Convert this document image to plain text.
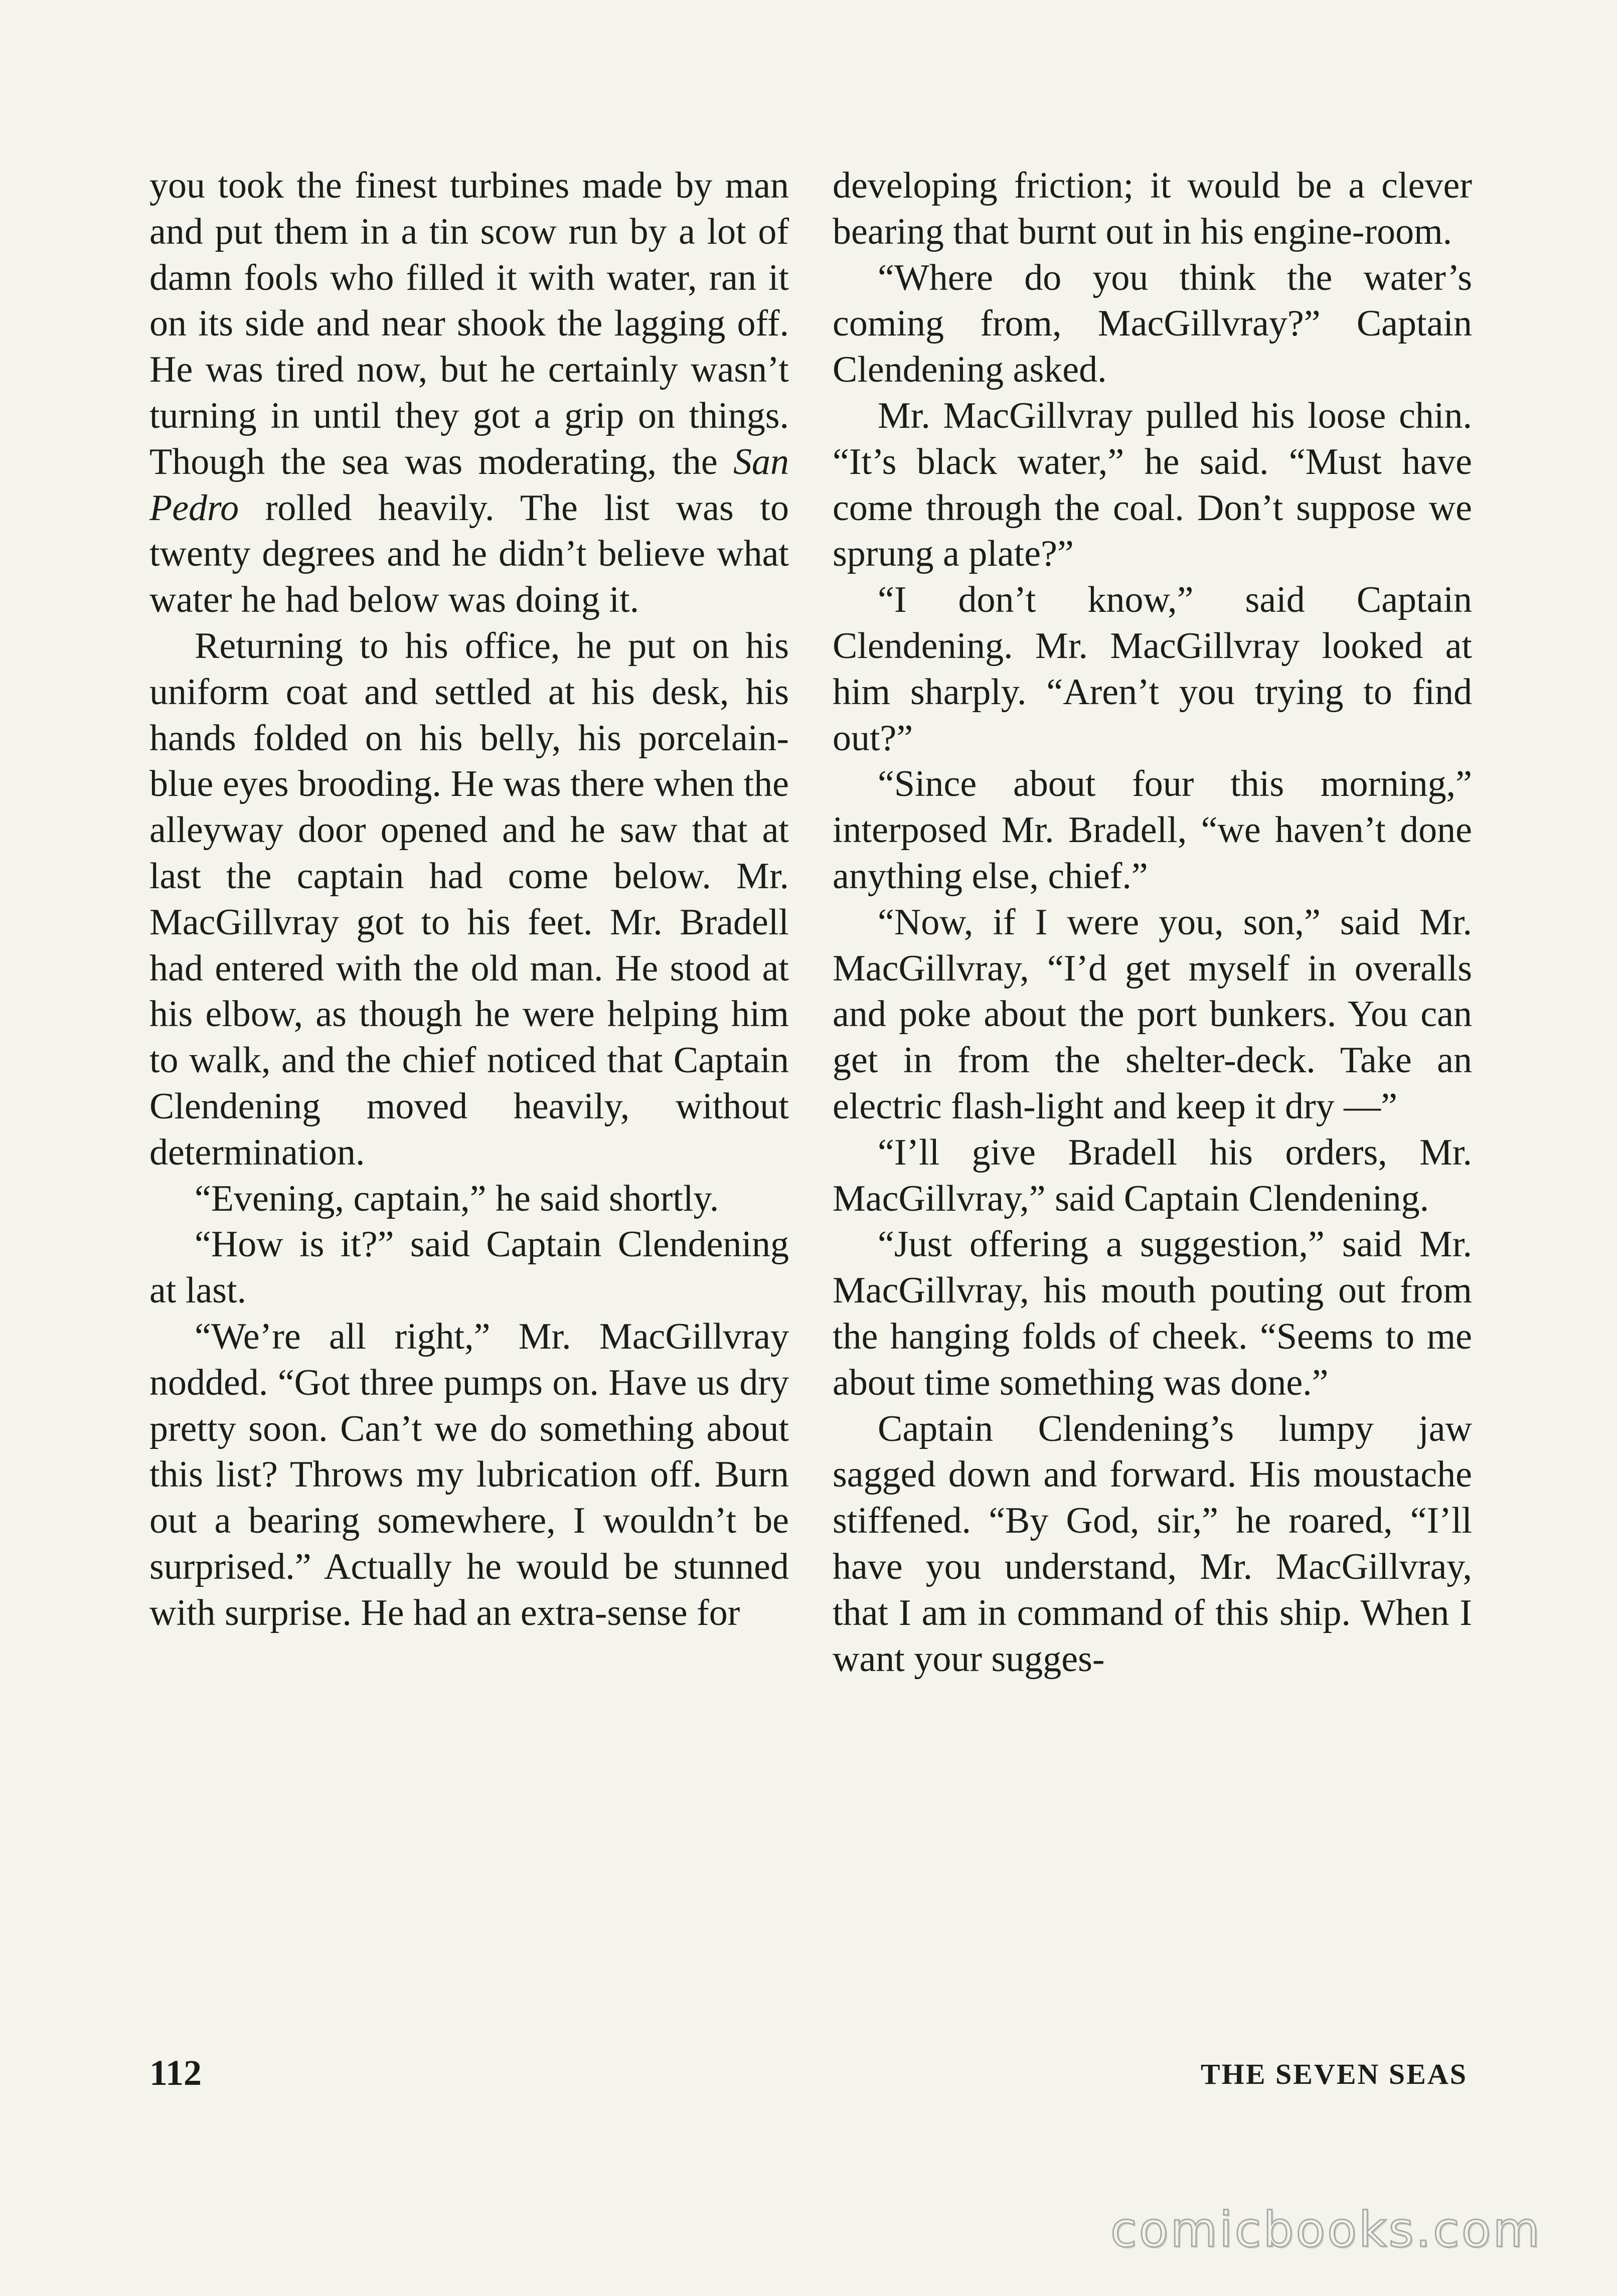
you took the finest turbines made by man and put them in a tin scow run by a lot of damn fools who filled it with water, ran it on its side and near shook the lagging off. He was tired now, but he certainly wasn’t turning in until they got a grip on things. Though the sea was moderating, the San Pedro rolled heavily. The list was to twenty degrees and he didn’t believe what water he had below was doing it.

Returning to his office, he put on his uniform coat and settled at his desk, his hands folded on his belly, his porcelain-blue eyes brooding. He was there when the alleyway door opened and he saw that at last the captain had come below. Mr. MacGillvray got to his feet. Mr. Bradell had entered with the old man. He stood at his elbow, as though he were helping him to walk, and the chief noticed that Captain Clendening moved heavily, without determination.

“Evening, captain,” he said shortly.

“How is it?” said Captain Clendening at last.

“We’re all right,” Mr. MacGillvray nodded. “Got three pumps on. Have us dry pretty soon. Can’t we do something about this list? Throws my lubrication off. Burn out a bearing somewhere, I wouldn’t be surprised.” Actually he would be stunned with surprise. He had an extra-sense for

developing friction; it would be a clever bearing that burnt out in his engine-room.

“Where do you think the water’s coming from, MacGillvray?” Captain Clendening asked.

Mr. MacGillvray pulled his loose chin. “It’s black water,” he said. “Must have come through the coal. Don’t suppose we sprung a plate?”

“I don’t know,” said Captain Clendening. Mr. MacGillvray looked at him sharply. “Aren’t you trying to find out?”

“Since about four this morning,” interposed Mr. Bradell, “we haven’t done anything else, chief.”

“Now, if I were you, son,” said Mr. MacGillvray, “I’d get myself in overalls and poke about the port bunkers. You can get in from the shelter-deck. Take an electric flash-light and keep it dry —”

“I’ll give Bradell his orders, Mr. MacGillvray,” said Captain Clendening.

“Just offering a suggestion,” said Mr. MacGillvray, his mouth pouting out from the hanging folds of cheek. “Seems to me about time something was done.”

Captain Clendening’s lumpy jaw sagged down and forward. His moustache stiffened. “By God, sir,” he roared, “I’ll have you understand, Mr. MacGillvray, that I am in command of this ship. When I want your sugges-

112	THE SEVEN SEAS
comicbooks.com
